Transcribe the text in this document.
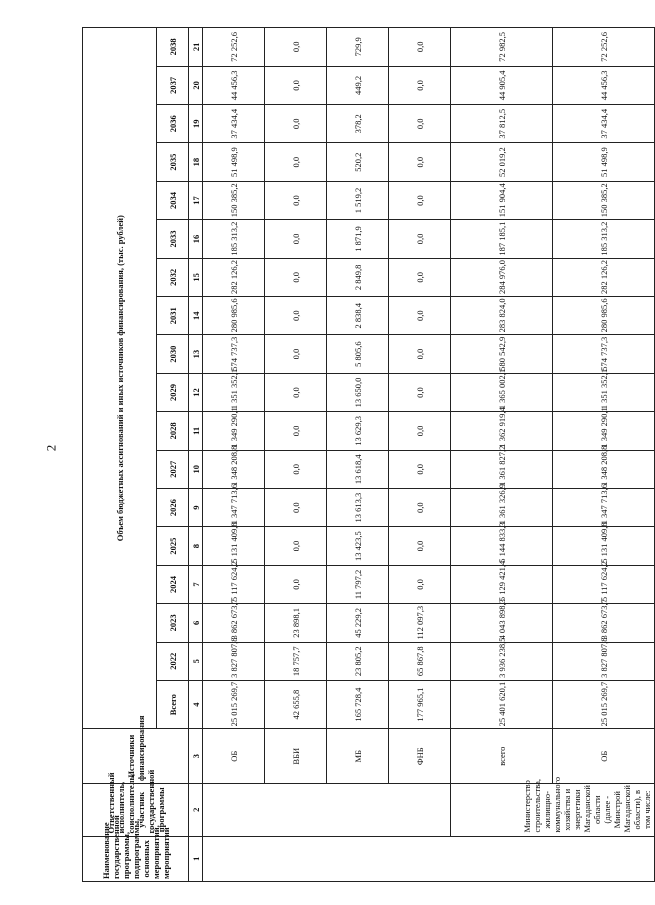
2
Наименование государственной программы, подпрограммы, основных мероприятий, мероприятий	Ответственный исполнитель, соисполнитель, участник государственной программы	Источники финансирования	Объем бюджетных ассигнований и иных источников финансирования, (тыс. рублей)																	
			Всего	2022	2023	2024	2025	2026	2027	2028	2029	2030	2031	2032	2033	2034	2035	2036	2037	2038
1	2	3	4	5	6	7	8	9	10	11	12	13	14	15	16	17	18	19	20	21
		ОБ	25 015 269,7	3 827 807,8	3 862 673,7	5 117 624,2	5 131 409,8	1 347 713,6	1 348 208,8	1 349 290,1	1 351 352,1	574 737,3	280 985,6	282 126,2	185 313,2	150 385,2	51 498,9	37 434,4	44 456,3	72 252,6
		ВБИ	42 655,8	18 757,7	23 898,1	0,0	0,0	0,0	0,0	0,0	0,0	0,0	0,0	0,0	0,0	0,0	0,0	0,0	0,0	0,0
		МБ	165 728,4	23 805,2	45 229,2	11 797,2	13 423,5	13 613,3	13 618,4	13 629,3	13 650,0	5 805,6	2 838,4	2 849,8	1 871,9	1 519,2	520,2	378,2	449,2	729,9
		ФНБ	177 965,1	65 867,8	112 097,3	0,0	0,0	0,0	0,0	0,0	0,0	0,0	0,0	0,0	0,0	0,0	0,0	0,0	0,0	0,0
	Министерство строительства, жилищно-коммунального хозяйства и энергетики Магаданской области (далее - Минстрой Магаданской области), в том числе:	всего	25 401 620,1	3 936 238,5	4 043 898,3	5 129 421,4	5 144 833,3	1 361 326,9	1 361 827,2	1 362 919,4	1 365 002,1	580 542,9	283 824,0	284 976,0	187 185,1	151 904,4	52 019,2	37 812,5	44 905,4	72 982,5
		ОБ	25 015 269,7	3 827 807,8	3 862 673,7	5 117 624,2	5 131 409,8	1 347 713,6	1 348 208,8	1 349 290,1	1 351 352,1	574 737,3	280 985,6	282 126,2	185 313,2	150 385,2	51 498,9	37 434,4	44 456,3	72 252,6
